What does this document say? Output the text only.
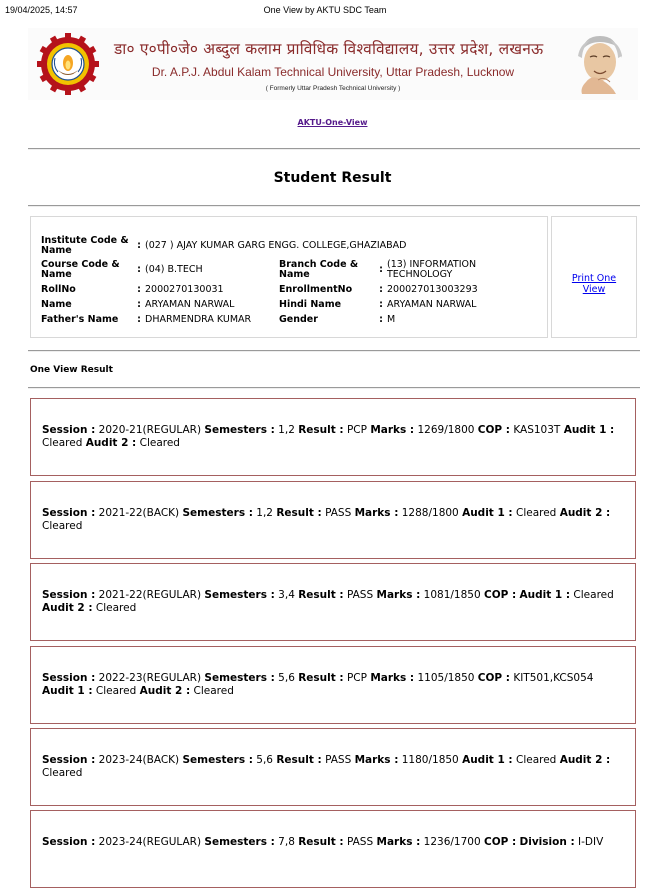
19/04/2025, 14:57	One View by AKTU SDC Team
डा० ए०पी०जे० अब्दुल कलाम प्राविधिक विश्वविद्यालय, उत्तर प्रदेश, लखनऊ
Dr. A.P.J. Abdul Kalam Technical University, Uttar Pradesh, Lucknow
( Formerly Uttar Pradesh Technical University )
AKTU-One-View
Student Result
Institute Code & Name	:	(027 ) AJAY KUMAR GARG ENGG. COLLEGE,GHAZIABAD			
Course Code & Name	:	(04) B.TECH	Branch Code & Name	:	(13) INFORMATION TECHNOLOGY
RollNo	:	2000270130031	EnrollmentNo	:	200027013003293
Name	:	ARYAMAN NARWAL	Hindi Name	:	ARYAMAN NARWAL
Father's Name	:	DHARMENDRA KUMAR	Gender	:	M
Print One View
One View Result
Session : 2020-21(REGULAR) Semesters : 1,2 Result : PCP Marks : 1269/1800 COP : KAS103T Audit 1 : Cleared Audit 2 : Cleared
Session : 2021-22(BACK) Semesters : 1,2 Result : PASS Marks : 1288/1800 Audit 1 : Cleared Audit 2 : Cleared
Session : 2021-22(REGULAR) Semesters : 3,4 Result : PASS Marks : 1081/1850 COP : Audit 1 : Cleared Audit 2 : Cleared
Session : 2022-23(REGULAR) Semesters : 5,6 Result : PCP Marks : 1105/1850 COP : KIT501,KCS054 Audit 1 : Cleared Audit 2 : Cleared
Session : 2023-24(BACK) Semesters : 5,6 Result : PASS Marks : 1180/1850 Audit 1 : Cleared Audit 2 : Cleared
Session : 2023-24(REGULAR) Semesters : 7,8 Result : PASS Marks : 1236/1700 COP : Division : I-DIV
